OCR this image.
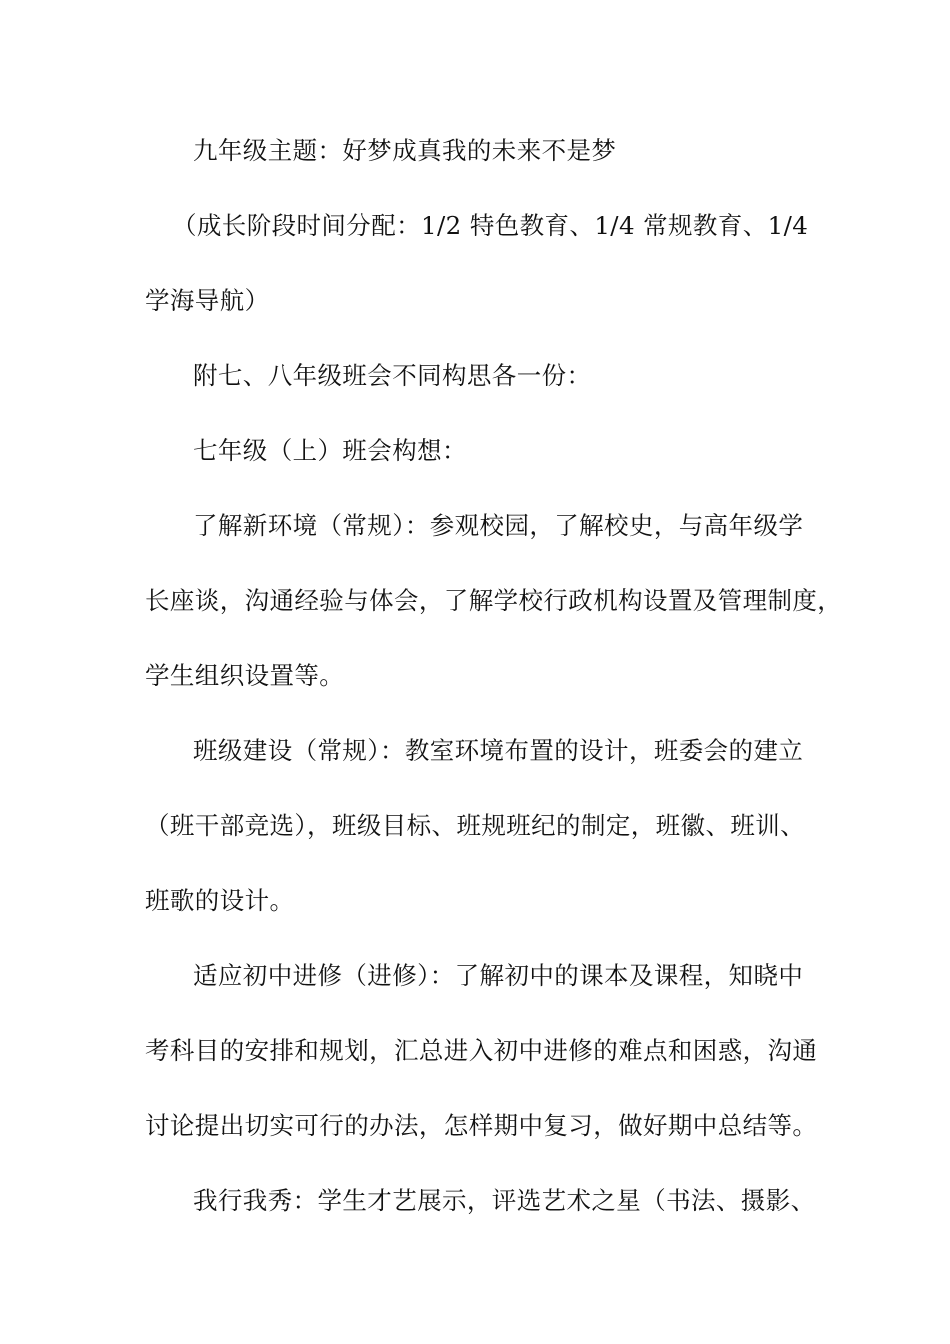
九年级主题：好梦成真我的未来不是梦
（成长阶段时间分配：1/2 特色教育、1/4 常规教育、1/4
学海导航）
附七、八年级班会不同构思各一份：
七年级（上）班会构想：
了解新环境（常规）：参观校园，了解校史，与高年级学
长座谈，沟通经验与体会，了解学校行政机构设置及管理制度，
学生组织设置等。
班级建设（常规）：教室环境布置的设计，班委会的建立
（班干部竞选），班级目标、班规班纪的制定，班徽、班训、
班歌的设计。
适应初中进修（进修）：了解初中的课本及课程，知晓中
考科目的安排和规划，汇总进入初中进修的难点和困惑，沟通
讨论提出切实可行的办法，怎样期中复习，做好期中总结等。
我行我秀：学生才艺展示，评选艺术之星（书法、摄影、
